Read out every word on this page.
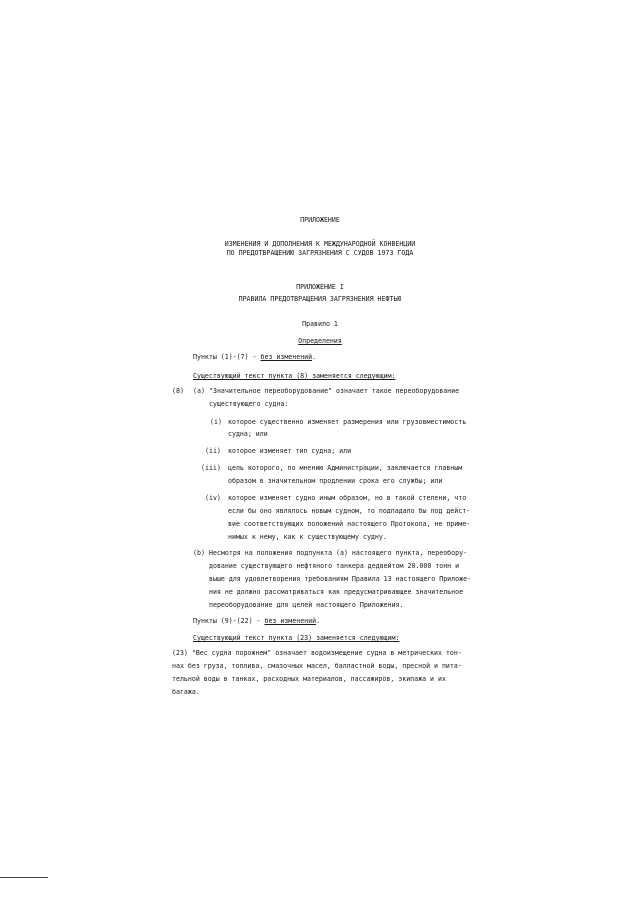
ПРИЛОЖЕНИЕ
ИЗМЕНЕНИЯ И ДОПОЛНЕНИЯ К МЕЖДУНАРОДНОЙ КОНВЕНЦИИ
ПО ПРЕДОТВРАЩЕНИЮ ЗАГРЯЗНЕНИЯ С СУДОВ 1973 ГОДА
ПРИЛОЖЕНИЕ I
ПРАВИЛА ПРЕДОТВРАЩЕНИЯ ЗАГРЯЗНЕНИЯ НЕФТЬЮ
Правило 1
Определения
Пункты (1)-(7) - без изменений.
Существующий текст пункта (8) заменяется следующим:
(8) (a) "Значительное переоборудование" означает такое переоборудование
существующего судна:
(i) которое существенно изменяет размерения или грузовместимость
судна; или
(ii) которое изменяет тип судна; или
(iii) цель которого, по мнению Администрации, заключается главным
образом в значительном продлении срока его службы; или
(iv) которое изменяет судно иным образом, но в такой степени, что
если бы оно являлось новым судном, то подпадало бы под дейст-
вие соответствующих положений настоящего Протокола, не приме-
нимых к нему, как к существующему судну.
(b) Несмотря на положения подпункта (a) настоящего пункта, переобору-
дование существующего нефтяного танкера дедвейтом 20.000 тонн и
выше для удовлетворения требованиям Правила 13 настоящего Приложе-
ния не должно рассматриваться как предусматривающее значительное
переоборудование для целей настоящего Приложения.
Пункты (9)-(22) - без изменений.
Существующий текст пункта (23) заменяется следующим:
(23) "Вес судна порожнем" означает водоизмещение судна в метрических тон-
нах без груза, топлива, смазочных масел, балластной воды, пресной и пита-
тельной воды в танках, расходных материалов, пассажиров, экипажа и их
багажа.
